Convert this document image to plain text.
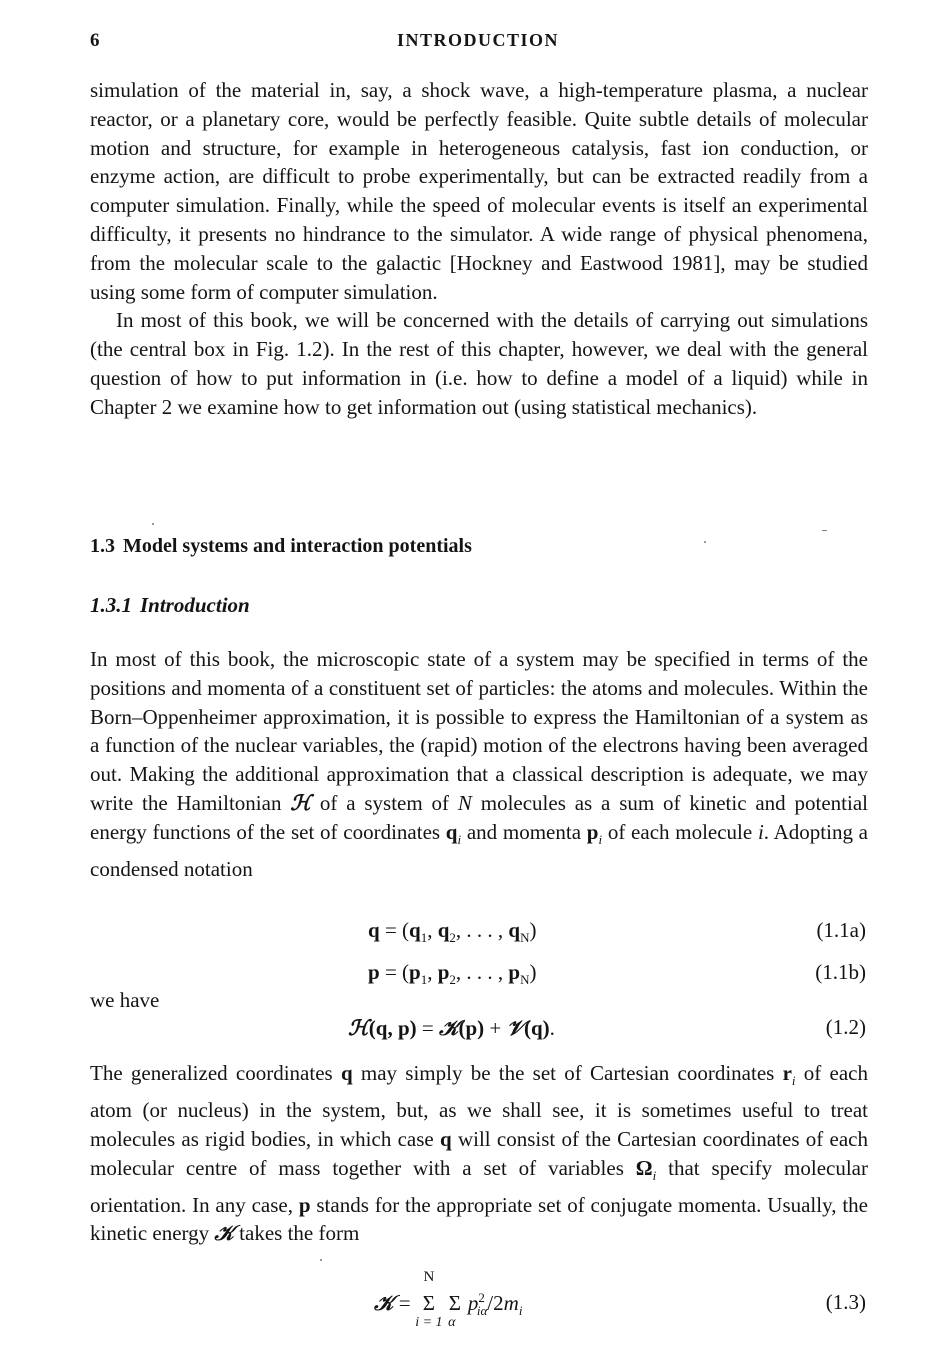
6	INTRODUCTION

simulation of the material in, say, a shock wave, a high-temperature plasma, a nuclear reactor, or a planetary core, would be perfectly feasible. Quite subtle details of molecular motion and structure, for example in heterogeneous catalysis, fast ion conduction, or enzyme action, are difficult to probe experimentally, but can be extracted readily from a computer simulation. Finally, while the speed of molecular events is itself an experimental difficulty, it presents no hindrance to the simulator. A wide range of physical phenomena, from the molecular scale to the galactic [Hockney and Eastwood 1981], may be studied using some form of computer simulation.

In most of this book, we will be concerned with the details of carrying out simulations (the central box in Fig. 1.2). In the rest of this chapter, however, we deal with the general question of how to put information in (i.e. how to define a model of a liquid) while in Chapter 2 we examine how to get information out (using statistical mechanics).

1.3 Model systems and interaction potentials
1.3.1 Introduction

In most of this book, the microscopic state of a system may be specified in terms of the positions and momenta of a constituent set of particles: the atoms and molecules. Within the Born–Oppenheimer approximation, it is possible to express the Hamiltonian of a system as a function of the nuclear variables, the (rapid) motion of the electrons having been averaged out. Making the additional approximation that a classical description is adequate, we may write the Hamiltonian ℋ of a system of N molecules as a sum of kinetic and potential energy functions of the set of coordinates $q_i$ and momenta $p_i$ of each molecule i. Adopting a condensed notation

$q = (q_1$, $q_2$, . . . , $q_N$)	(1.1a)
$p = (p_1$, $p_2$, . . . , $p_N$)	(1.1b)
we have
ℋ(q, p) = 𝒦(p) + 𝒱(q).	(1.2)

The generalized coordinates q may simply be the set of Cartesian coordinates $r_i$ of each atom (or nucleus) in the system, but, as we shall see, it is sometimes useful to treat molecules as rigid bodies, in which case q will consist of the Cartesian coordinates of each molecular centre of mass together with a set of variables $\Omega_i$ that specify molecular orientation. In any case, p stands for the appropriate set of conjugate momenta. Usually, the kinetic energy 𝒦 takes the form

𝒦 =
N
Σ
i = 1
Σ
α
$p^2_{i\alpha}/2m_i$	(1.3)
